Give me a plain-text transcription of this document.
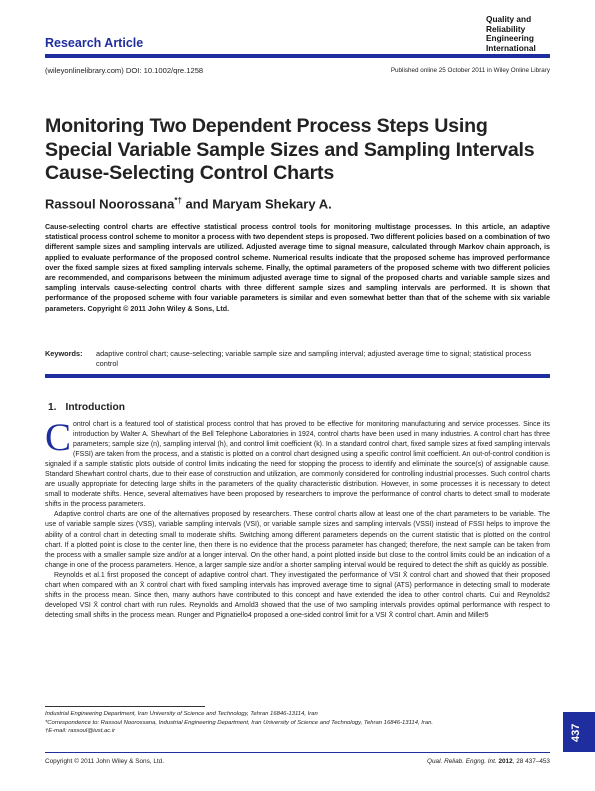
Research Article
Quality and
Reliability
Engineering
International
(wileyonlinelibrary.com) DOI: 10.1002/qre.1258	Published online 25 October 2011 in Wiley Online Library
Monitoring Two Dependent Process Steps Using Special Variable Sample Sizes and Sampling Intervals Cause-Selecting Control Charts
Rassoul Noorossana*† and Maryam Shekary A.
Cause-selecting control charts are effective statistical process control tools for monitoring multistage processes. In this article, an adaptive statistical process control scheme to monitor a process with two dependent steps is proposed. Two different policies based on a combination of two different sample sizes and sampling intervals are utilized. Adjusted average time to signal measure, calculated through Markov chain approach, is applied to evaluate performance of the proposed control scheme. Numerical results indicate that the proposed scheme has improved performance over the fixed sample sizes at fixed sampling intervals scheme. Finally, the optimal parameters of the proposed scheme with two different policies are recommended, and comparisons between the minimum adjusted average time to signal of the proposed charts and variable sample sizes and sampling intervals cause-selecting control charts with three different sample sizes and sampling intervals are performed. It is shown that performance of the proposed scheme with four variable parameters is similar and even somewhat better than that of the scheme with six variable parameters. Copyright © 2011 John Wiley & Sons, Ltd.
Keywords:	adaptive control chart; cause-selecting; variable sample size and sampling interval; adjusted average time to signal; statistical process control
1. Introduction

Control chart is a featured tool of statistical process control that has proved to be effective for monitoring manufacturing and service processes. Since its introduction by Walter A. Shewhart of the Bell Telephone Laboratories in 1924, control charts have been used in many industries. A control chart has three parameters; sample size (n), sampling interval (h), and control limit coefficient (k). In a standard control chart, fixed sample sizes at fixed sampling intervals (FSSI) are taken from the process, and a statistic is plotted on a control chart designed using a specific control limit coefficient. An out-of-control condition is signaled if a sample statistic plots outside of control limits indicating the need for stopping the process to identify and eliminate the source(s) of assignable cause. Standard Shewhart control charts, due to their ease of construction and utilization, are commonly considered for controlling industrial processes. Such control charts are usually appropriate for detecting large shifts in the parameters of the quality characteristic distribution. However, in some processes it is necessary to detect small to moderate shifts. Hence, several alternatives have been proposed by researchers to improve the performance of control charts to detect small to moderate shifts in the process parameters.

Adaptive control charts are one of the alternatives proposed by researchers. These control charts allow at least one of the chart parameters to be variable. The use of variable sample sizes (VSS), variable sampling intervals (VSI), or variable sample sizes and sampling intervals (VSSI) instead of FSSI helps to improve the ability of a control chart in detecting small to moderate shifts. Switching among different parameters depends on the current statistic that is plotted on the control chart. If a plotted point is close to the center line, then there is no evidence that the process parameter has changed; therefore, the next sample can be taken from the process with a smaller sample size and/or at a longer interval. On the other hand, a point plotted inside but close to the control limits could be an indication of a change in one of the process parameters. Hence, a larger sample size and/or a shorter sampling interval would be required to detect the shift as quickly as possible.

Reynolds et al.1 first proposed the concept of adaptive control chart. They investigated the performance of VSI X̄ control chart and showed that their proposed chart when compared with an X̄ control chart with fixed sampling intervals has improved average time to signal (ATS) performance in detecting small to moderate shifts in the process mean. Since then, many authors have contributed to this concept and have extended the idea to other control charts. Cui and Reynolds2 developed VSI X̄ control chart with run rules. Reynolds and Arnold3 showed that the use of two sampling intervals provides optimal performance with respect to detecting small shifts in the process mean. Runger and Pignatiello4 proposed a one-sided control limit for a VSI X̄ control chart. Amin and Miller5

Industrial Engineering Department, Iran University of Science and Technology, Tehran 16846-13114, Iran
*Correspondence to: Rassoul Noorossana, Industrial Engineering Department, Iran University of Science and Technology, Tehran 16846-13114, Iran.
†E-mail: rassoul@iust.ac.ir
Copyright © 2011 John Wiley & Sons, Ltd.	Qual. Reliab. Engng. Int. 2012, 28 437–453
437
